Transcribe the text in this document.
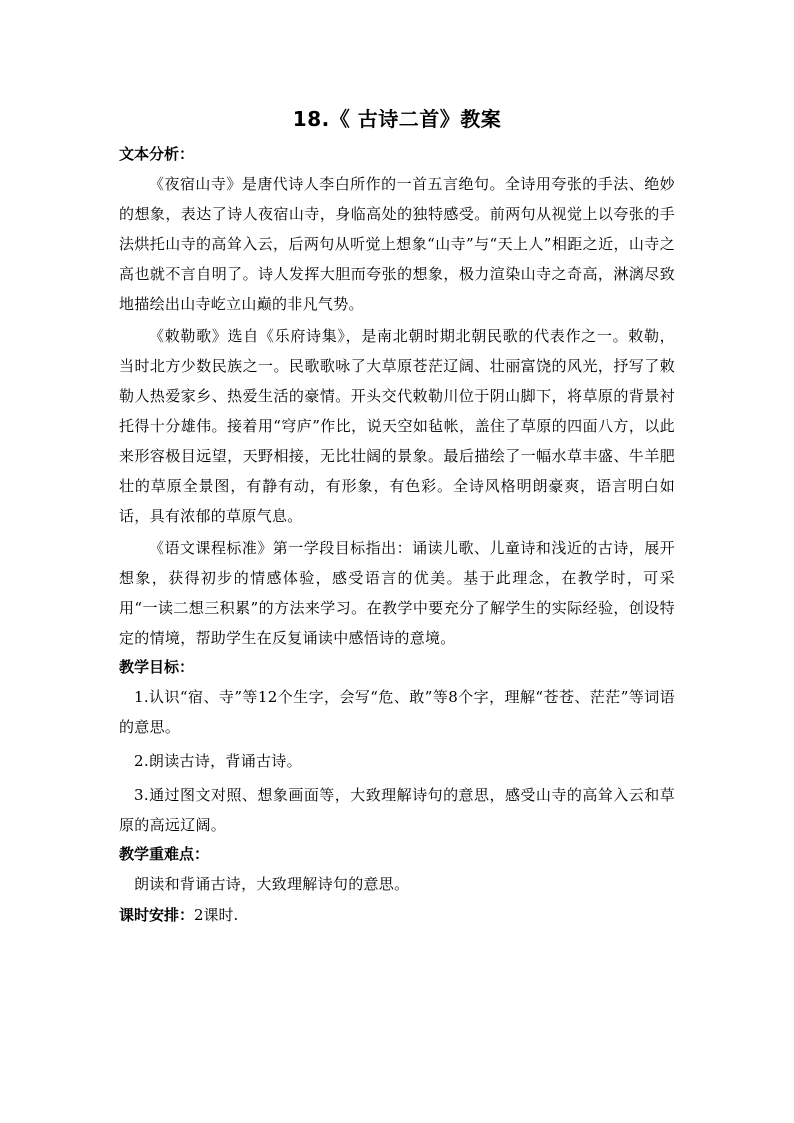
18.《 古诗二首》教案

文本分析：

《夜宿山寺》是唐代诗人李白所作的一首五言绝句。全诗用夸张的手法、绝妙的想象，表达了诗人夜宿山寺，身临高处的独特感受。前两句从视觉上以夸张的手法烘托山寺的高耸入云，后两句从听觉上想象“山寺”与“天上人”相距之近，山寺之高也就不言自明了。诗人发挥大胆而夸张的想象，极力渲染山寺之奇高，淋漓尽致地描绘出山寺屹立山巅的非凡气势。

《敕勒歌》选自《乐府诗集》，是南北朝时期北朝民歌的代表作之一。敕勒，当时北方少数民族之一。民歌歌咏了大草原苍茫辽阔、壮丽富饶的风光，抒写了敕勒人热爱家乡、热爱生活的豪情。开头交代敕勒川位于阴山脚下，将草原的背景衬托得十分雄伟。接着用“穹庐”作比，说天空如毡帐，盖住了草原的四面八方，以此来形容极目远望，天野相接，无比壮阔的景象。最后描绘了一幅水草丰盛、牛羊肥壮的草原全景图，有静有动，有形象，有色彩。全诗风格明朗豪爽，语言明白如话，具有浓郁的草原气息。

《语文课程标准》第一学段目标指出：诵读儿歌、儿童诗和浅近的古诗，展开想象，获得初步的情感体验，感受语言的优美。基于此理念，在教学时，可采用“一读二想三积累”的方法来学习。在教学中要充分了解学生的实际经验，创设特定的情境，帮助学生在反复诵读中感悟诗的意境。

教学目标：

1.认识“宿、寺”等12个生字，会写“危、敢”等8个字，理解“苍苍、茫茫”等词语的意思。

2.朗读古诗，背诵古诗。

3.通过图文对照、想象画面等，大致理解诗句的意思，感受山寺的高耸入云和草原的高远辽阔。

教学重难点：

朗读和背诵古诗，大致理解诗句的意思。

课时安排：2课时.
